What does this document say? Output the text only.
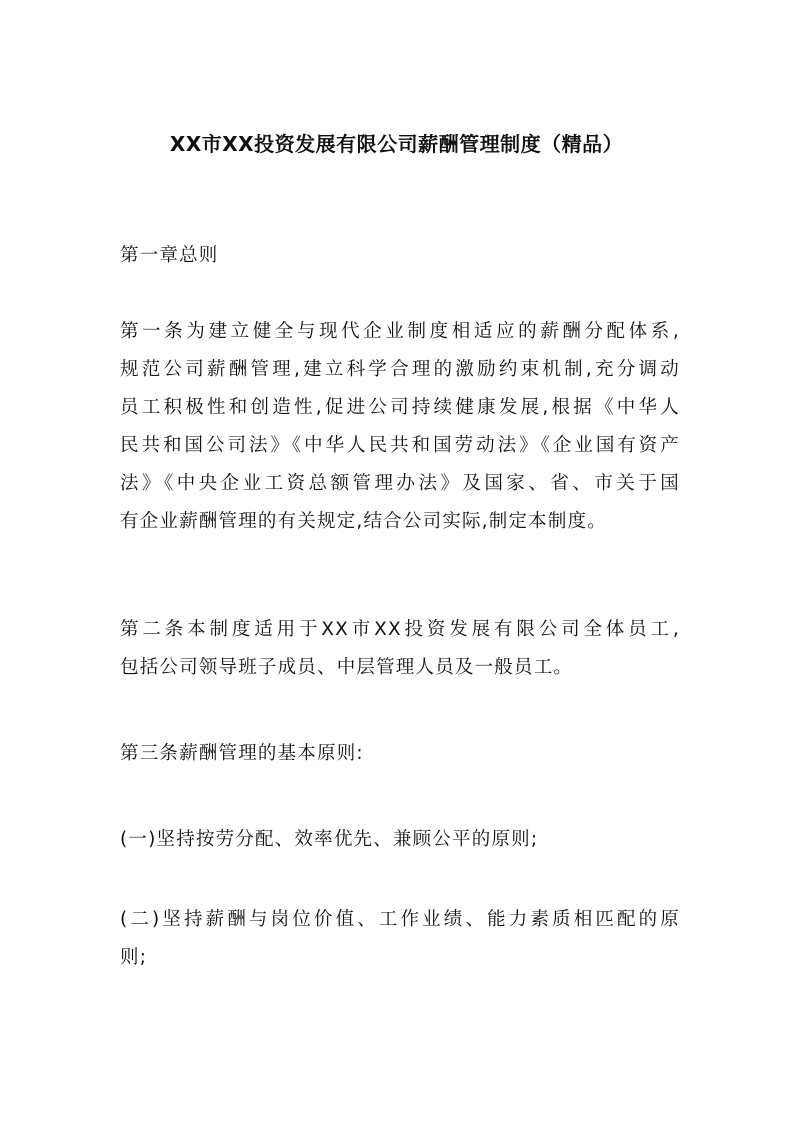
XX市XX投资发展有限公司薪酬管理制度（精品）

第一章总则

第一条为建立健全与现代企业制度相适应的薪酬分配体系,
规范公司薪酬管理,建立科学合理的激励约束机制,充分调动
员工积极性和创造性,促进公司持续健康发展,根据《中华人
民共和国公司法》《中华人民共和国劳动法》《企业国有资产
法》《中央企业工资总额管理办法》及国家、省、市关于国
有企业薪酬管理的有关规定,结合公司实际,制定本制度。

第二条本制度适用于XX市XX投资发展有限公司全体员工,
包括公司领导班子成员、中层管理人员及一般员工。

第三条薪酬管理的基本原则:

(一)坚持按劳分配、效率优先、兼顾公平的原则;

(二)坚持薪酬与岗位价值、工作业绩、能力素质相匹配的原
则;
